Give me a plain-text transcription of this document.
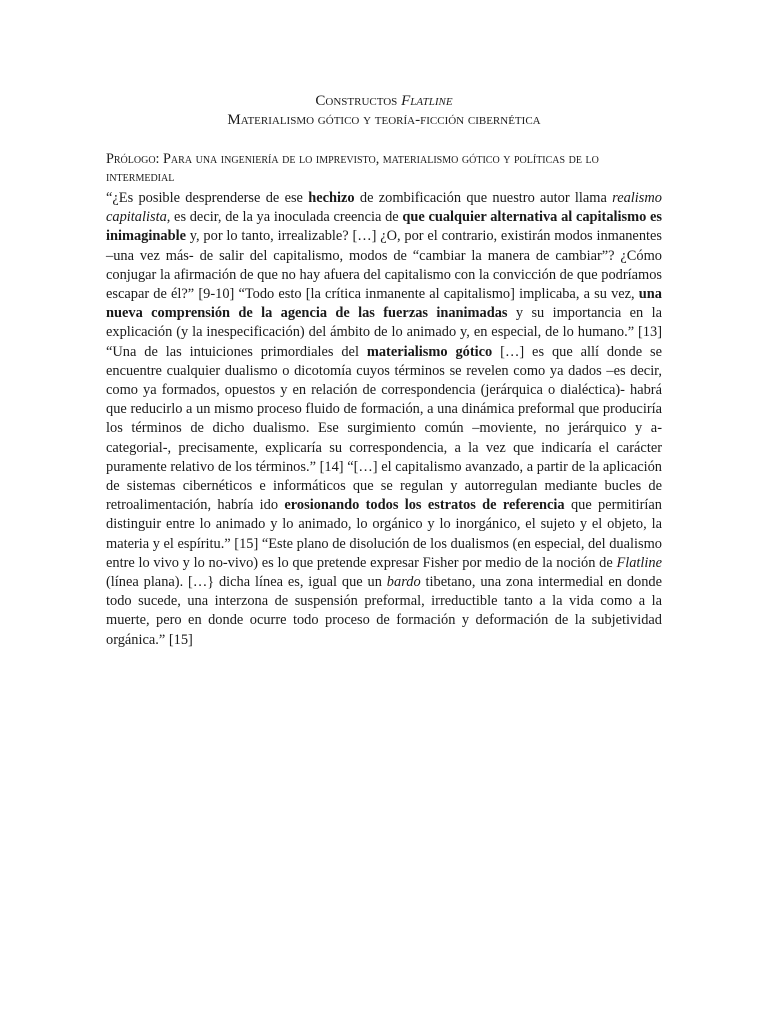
Constructos Flatline

Materialismo gótico y teoría-ficción cibernética

Prólogo: Para una ingeniería de lo imprevisto, materialismo gótico y políticas de lo intermedial

“¿Es posible desprenderse de ese hechizo de zombificación que nuestro autor llama realismo capitalista, es decir, de la ya inoculada creencia de que cualquier alternativa al capitalismo es inimaginable y, por lo tanto, irrealizable? […] ¿O, por el contrario, existirán modos inmanentes –una vez más- de salir del capitalismo, modos de “cambiar la manera de cambiar”? ¿Cómo conjugar la afirmación de que no hay afuera del capitalismo con la convicción de que podríamos escapar de él?” [9-10] “Todo esto [la crítica inmanente al capitalismo] implicaba, a su vez, una nueva comprensión de la agencia de las fuerzas inanimadas y su importancia en la explicación (y la inespecificación) del ámbito de lo animado y, en especial, de lo humano.” [13] “Una de las intuiciones primordiales del materialismo gótico […] es que allí donde se encuentre cualquier dualismo o dicotomía cuyos términos se revelen como ya dados –es decir, como ya formados, opuestos y en relación de correspondencia (jerárquica o dialéctica)- habrá que reducirlo a un mismo proceso fluido de formación, a una dinámica preformal que produciría los términos de dicho dualismo. Ese surgimiento común –moviente, no jerárquico y a-categorial-, precisamente, explicaría su correspondencia, a la vez que indicaría el carácter puramente relativo de los términos.” [14] “[…] el capitalismo avanzado, a partir de la aplicación de sistemas cibernéticos e informáticos que se regulan y autorregulan mediante bucles de retroalimentación, habría ido erosionando todos los estratos de referencia que permitirían distinguir entre lo animado y lo animado, lo orgánico y lo inorgánico, el sujeto y el objeto, la materia y el espíritu.” [15] “Este plano de disolución de los dualismos (en especial, del dualismo entre lo vivo y lo no-vivo) es lo que pretende expresar Fisher por medio de la noción de Flatline (línea plana). […} dicha línea es, igual que un bardo tibetano, una zona intermedial en donde todo sucede, una interzona de suspensión preformal, irreductible tanto a la vida como a la muerte, pero en donde ocurre todo proceso de formación y deformación de la subjetividad orgánica.” [15]
